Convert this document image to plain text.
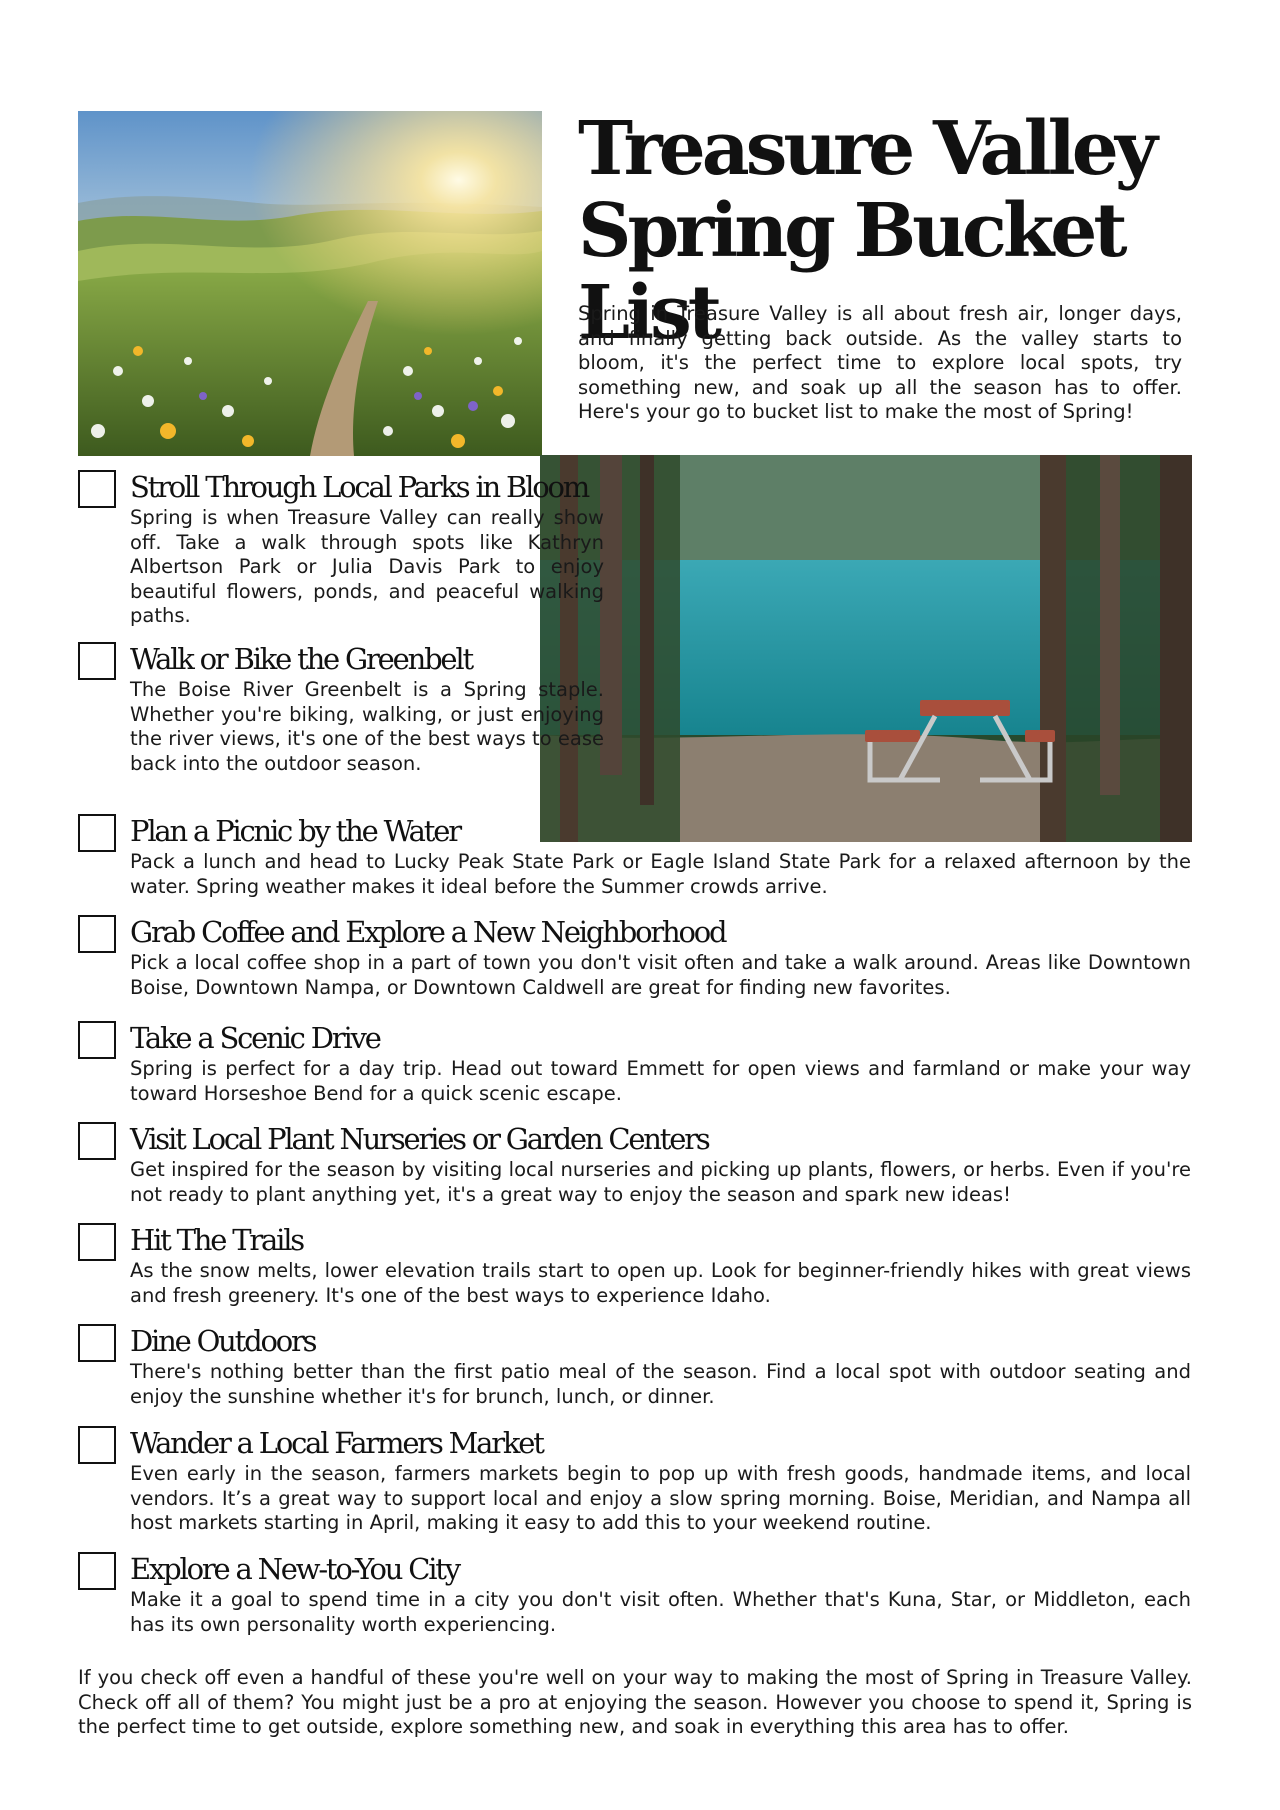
Treasure Valley
Spring Bucket List

Spring in Treasure Valley is all about fresh air, longer days, and finally getting back outside. As the valley starts to bloom, it's the perfect time to explore local spots, try something new, and soak up all the season has to offer. Here's your go to bucket list to make the most of Spring!

Stroll Through Local Parks in Bloom

Spring is when Treasure Valley can really show off. Take a walk through spots like Kathryn Albertson Park or Julia Davis Park to enjoy beautiful flowers, ponds, and peaceful walking paths.

Walk or Bike the Greenbelt

The Boise River Greenbelt is a Spring staple. Whether you're biking, walking, or just enjoying the river views, it's one of the best ways to ease back into the outdoor season.

Plan a Picnic by the Water

Pack a lunch and head to Lucky Peak State Park or Eagle Island State Park for a relaxed afternoon by the water. Spring weather makes it ideal before the Summer crowds arrive.

Grab Coffee and Explore a New Neighborhood

Pick a local coffee shop in a part of town you don't visit often and take a walk around. Areas like Downtown Boise, Downtown Nampa, or Downtown Caldwell are great for finding new favorites.

Take a Scenic Drive

Spring is perfect for a day trip. Head out toward Emmett for open views and farmland or make your way toward Horseshoe Bend for a quick scenic escape.

Visit Local Plant Nurseries or Garden Centers

Get inspired for the season by visiting local nurseries and picking up plants, flowers, or herbs. Even if you're not ready to plant anything yet, it's a great way to enjoy the season and spark new ideas!

Hit The Trails

As the snow melts, lower elevation trails start to open up. Look for beginner-friendly hikes with great views and fresh greenery. It's one of the best ways to experience Idaho.

Dine Outdoors

There's nothing better than the first patio meal of the season. Find a local spot with outdoor seating and enjoy the sunshine whether it's for brunch, lunch, or dinner.

Wander a Local Farmers Market

Even early in the season, farmers markets begin to pop up with fresh goods, handmade items, and local vendors. It’s a great way to support local and enjoy a slow spring morning. Boise, Meridian, and Nampa all host markets starting in April, making it easy to add this to your weekend routine.

Explore a New-to-You City

Make it a goal to spend time in a city you don't visit often. Whether that's Kuna, Star, or Middleton, each has its own personality worth experiencing.

If you check off even a handful of these you're well on your way to making the most of Spring in Treasure Valley. Check off all of them? You might just be a pro at enjoying the season. However you choose to spend it, Spring is the perfect time to get outside, explore something new, and soak in everything this area has to offer.
